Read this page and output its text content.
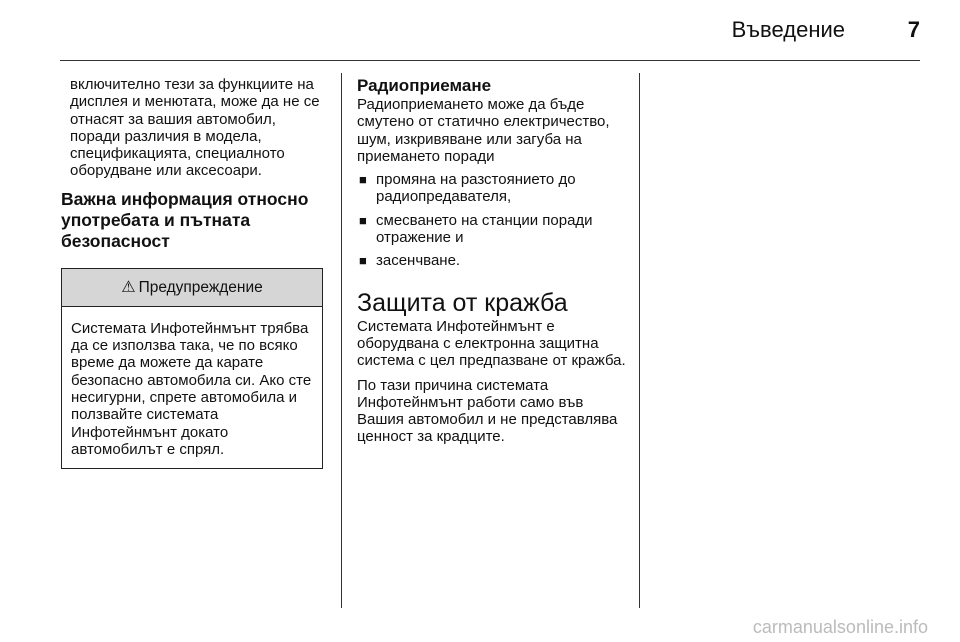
Въведение	7

включително тези за функциите на дисплея и менютата, може да не се отнасят за вашия автомобил, поради различия в модела, спецификацията, специалното оборудване или аксесоари.

Важна информация относно употребата и пътната безопасност

⚠ Предупреждение
Системата Инфотейнмънт трябва да се използва така, че по всяко време да можете да карате безопасно автомобила си. Ако сте несигурни, спрете автомобила и ползвайте системата Инфотейнмънт докато автомобилът е спрял.

Радиоприемане

Радиоприемането може да бъде смутено от статично електричество, шум, изкривяване или загуба на приемането поради

■ промяна на разстоянието до радиопредавателя,
■ смесването на станции поради отражение и
■ засенчване.

Защита от кражба

Системата Инфотейнмънт е оборудвана с електронна защитна система с цел предпазване от кражба.

По тази причина системата Инфотейнмънт работи само във Вашия автомобил и не представлява ценност за крадците.

carmanualsonline.info
